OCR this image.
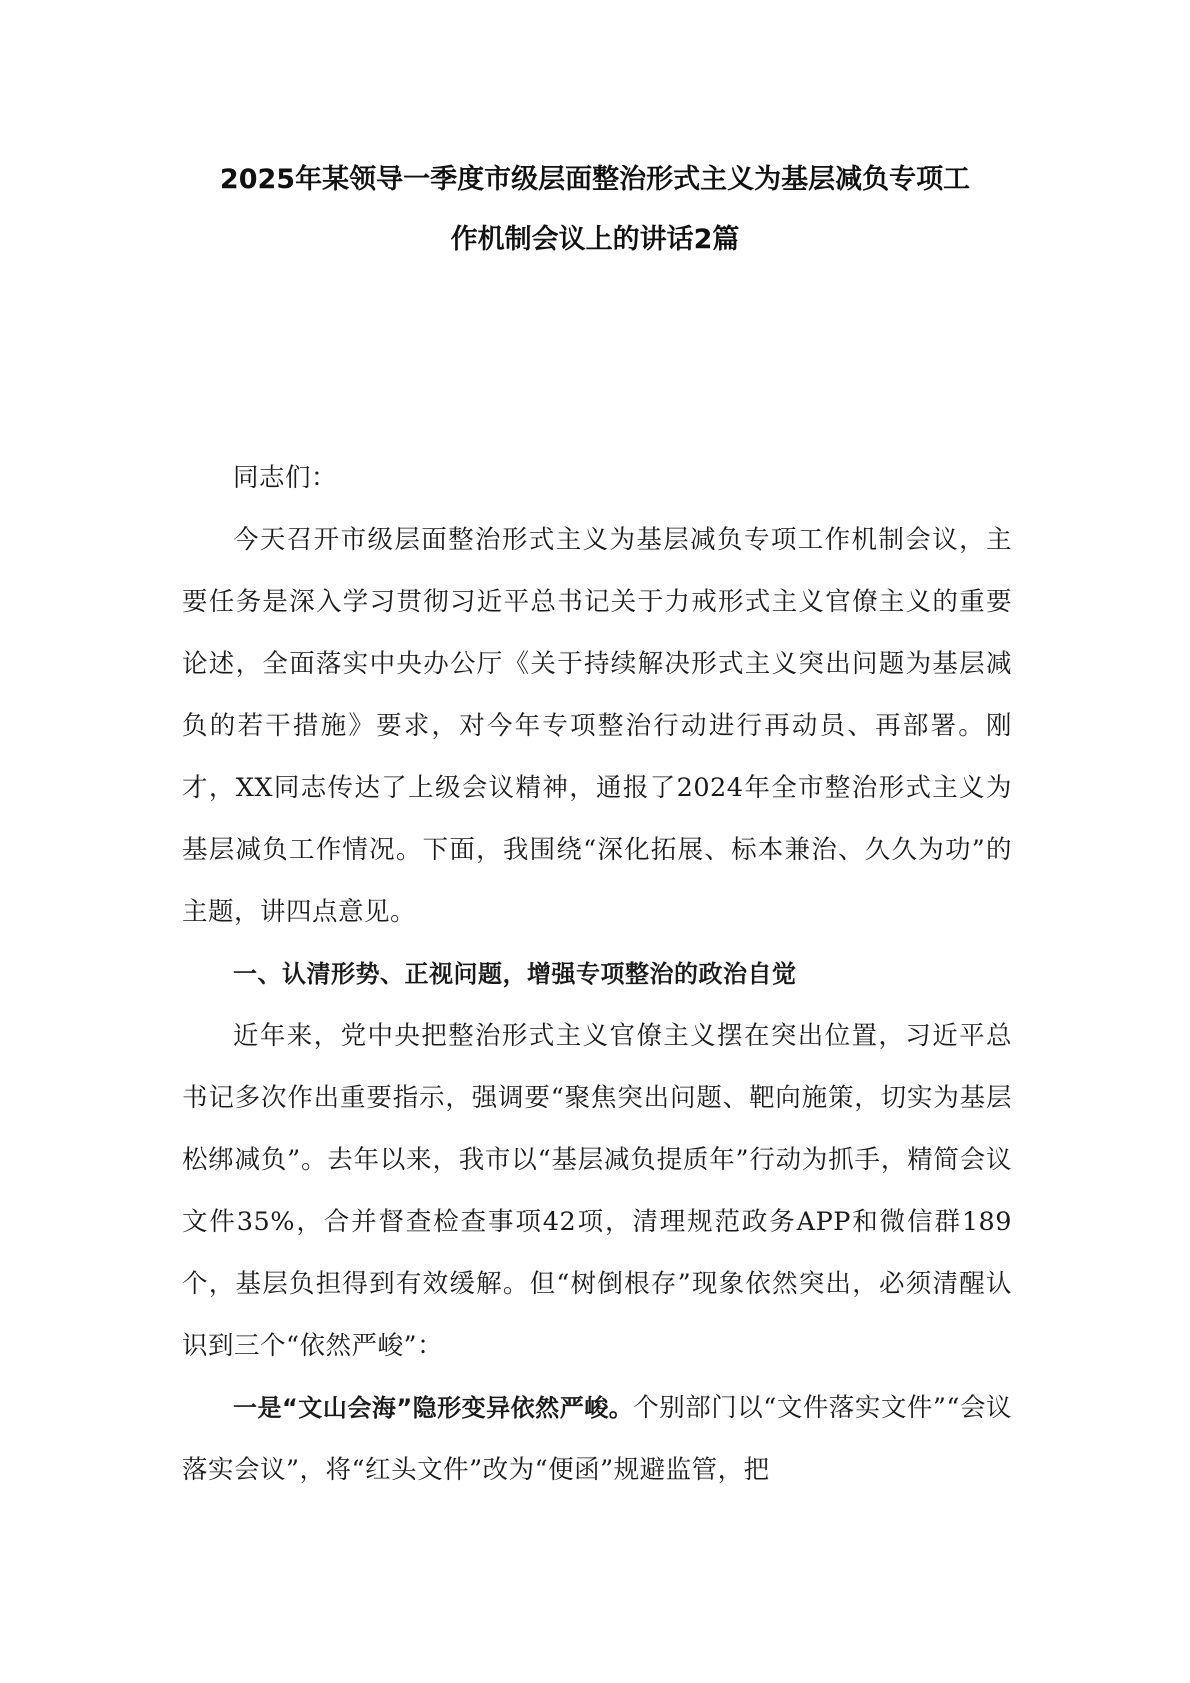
2025年某领导一季度市级层面整治形式主义为基层减负专项工
作机制会议上的讲话2篇

同志们：

今天召开市级层面整治形式主义为基层减负专项工作机制会议，主要任务是深入学习贯彻习近平总书记关于力戒形式主义官僚主义的重要论述，全面落实中央办公厅《关于持续解决形式主义突出问题为基层减负的若干措施》要求，对今年专项整治行动进行再动员、再部署。刚才，XX同志传达了上级会议精神，通报了2024年全市整治形式主义为基层减负工作情况。下面，我围绕“深化拓展、标本兼治、久久为功”的主题，讲四点意见。

一、认清形势、正视问题，增强专项整治的政治自觉

近年来，党中央把整治形式主义官僚主义摆在突出位置，习近平总书记多次作出重要指示，强调要“聚焦突出问题、靶向施策，切实为基层松绑减负”。去年以来，我市以“基层减负提质年”行动为抓手，精简会议文件35%，合并督查检查事项42项，清理规范政务APP和微信群189个，基层负担得到有效缓解。但“树倒根存”现象依然突出，必须清醒认识到三个“依然严峻”：

一是“文山会海”隐形变异依然严峻。个别部门以“文件落实文件”“会议落实会议”，将“红头文件”改为“便函”规避监管，把
